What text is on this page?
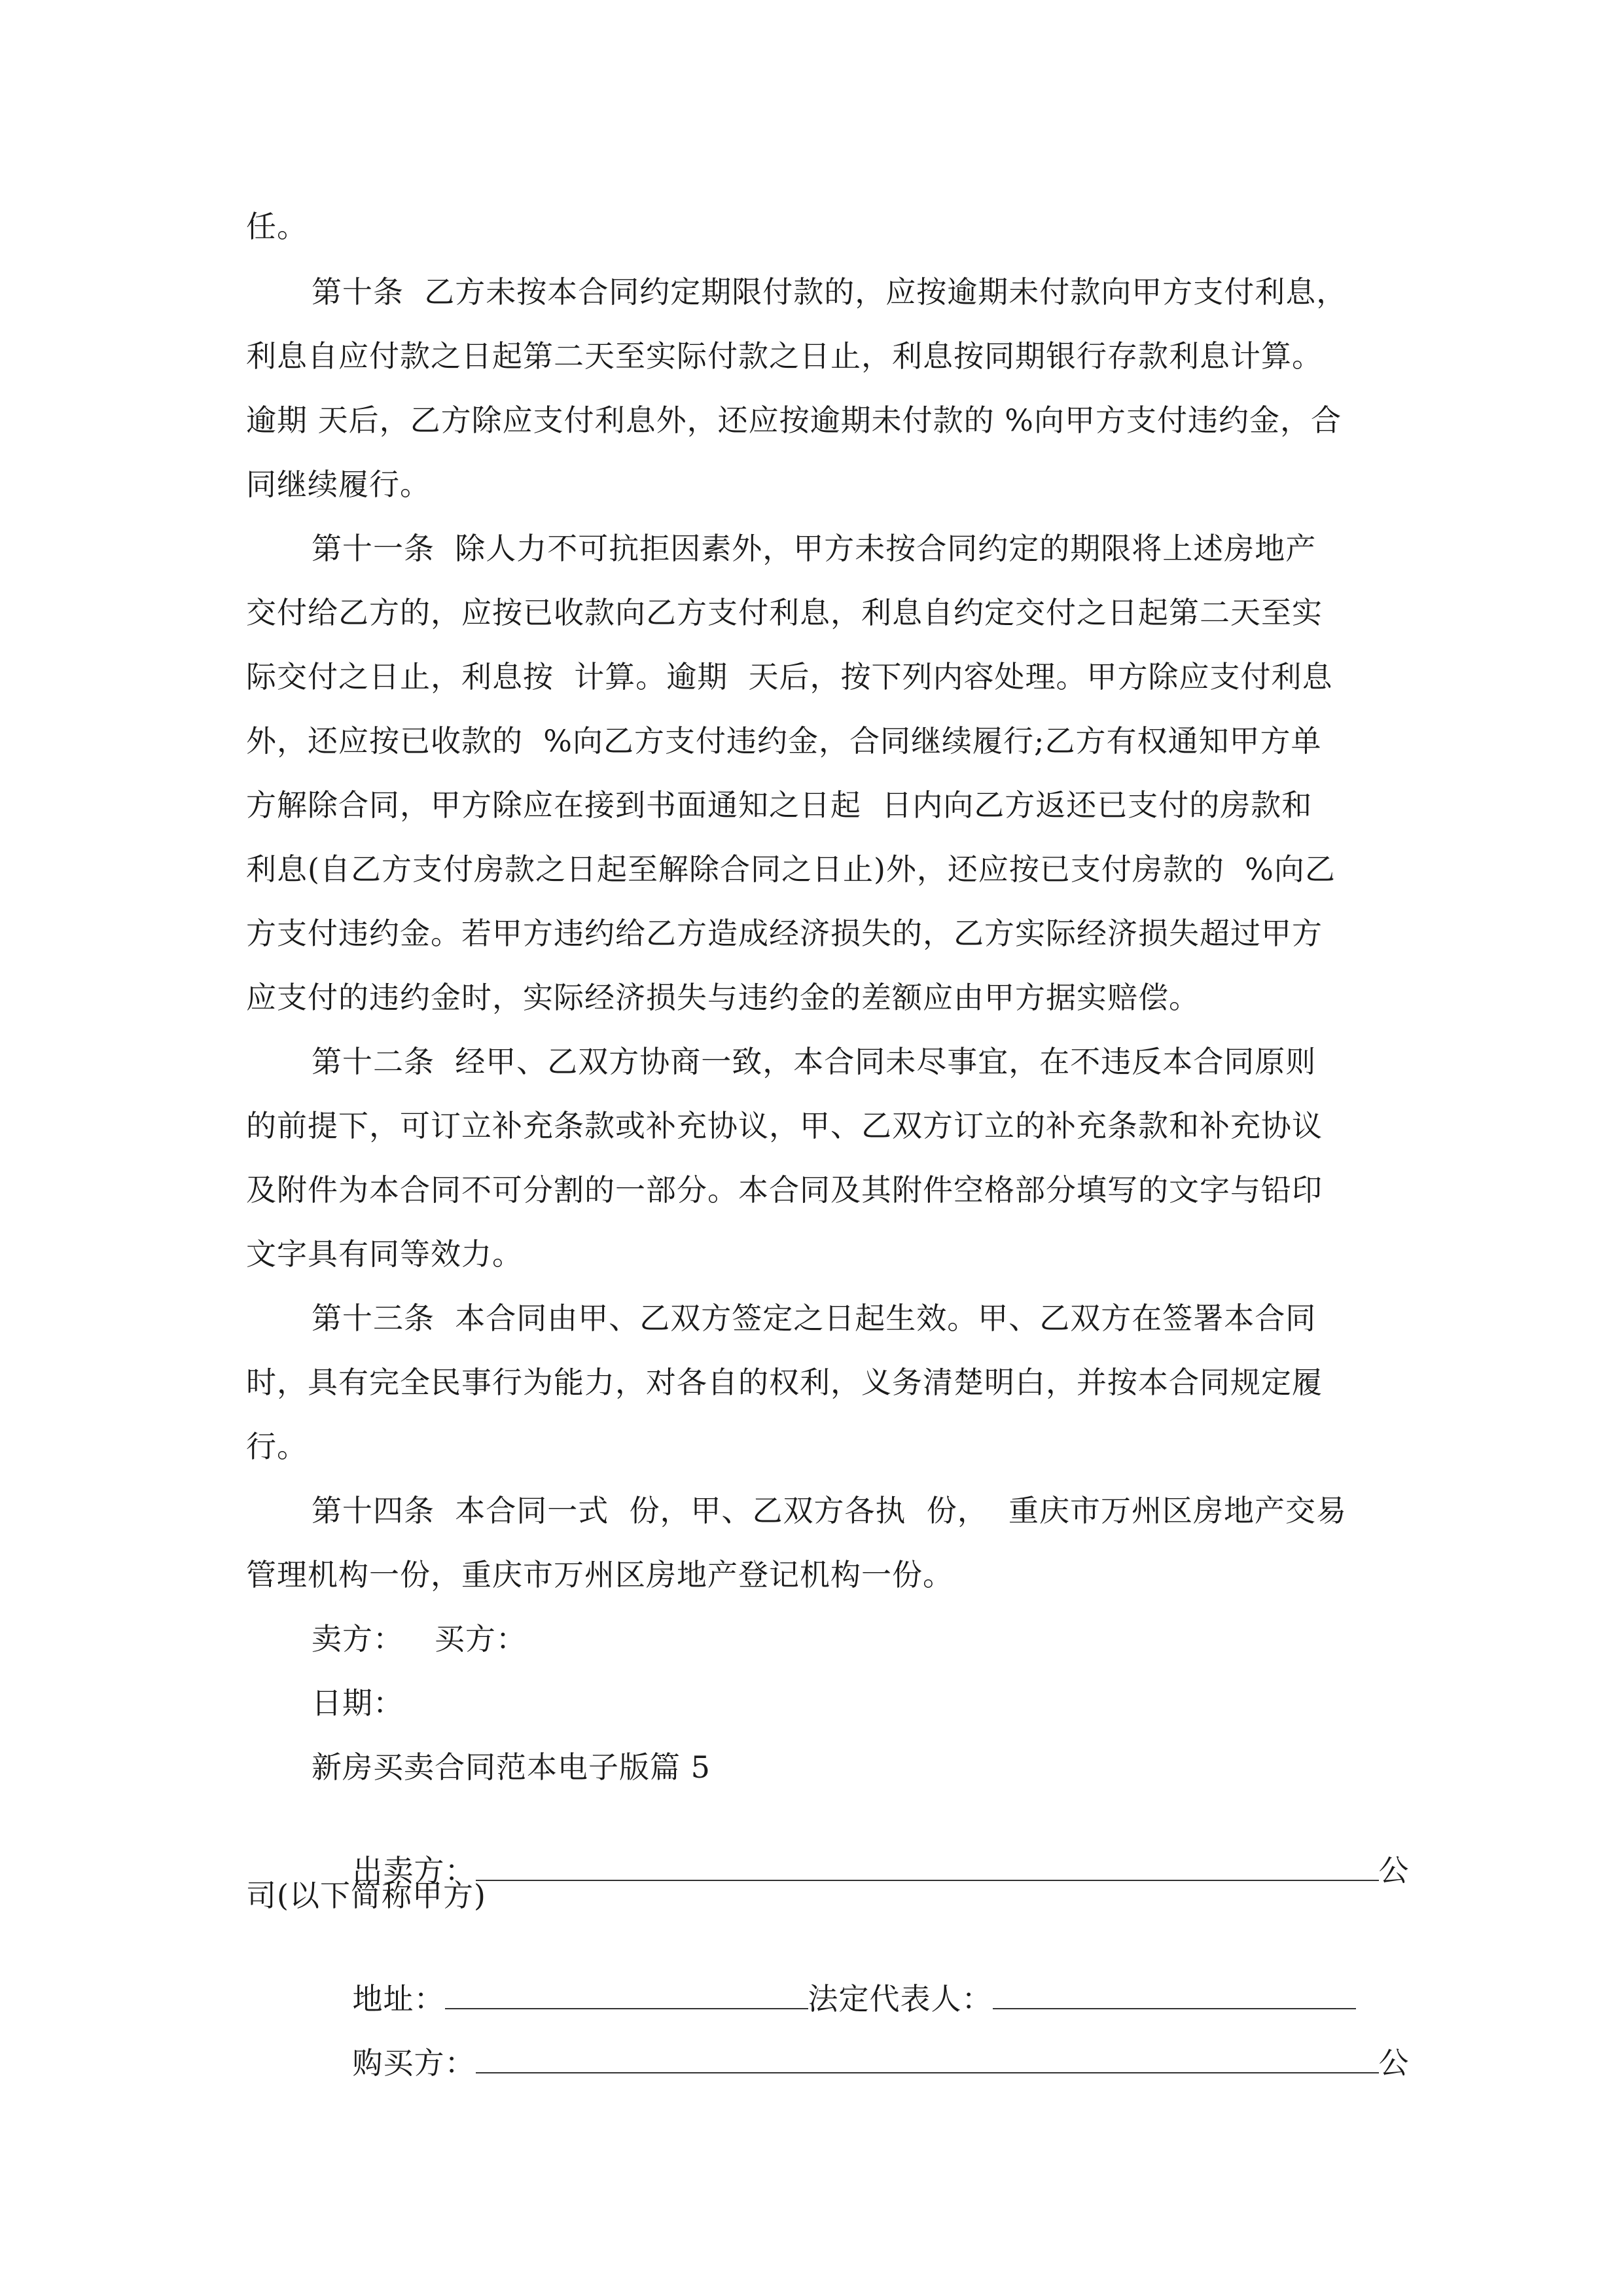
任。
第十条  乙方未按本合同约定期限付款的，应按逾期未付款向甲方支付利息，
利息自应付款之日起第二天至实际付款之日止，利息按同期银行存款利息计算。
逾期 天后，乙方除应支付利息外，还应按逾期未付款的 %向甲方支付违约金，合
同继续履行。
第十一条  除人力不可抗拒因素外，甲方未按合同约定的期限将上述房地产
交付给乙方的，应按已收款向乙方支付利息，利息自约定交付之日起第二天至实
际交付之日止，利息按  计算。逾期  天后，按下列内容处理。甲方除应支付利息
外，还应按已收款的  %向乙方支付违约金，合同继续履行;乙方有权通知甲方单
方解除合同，甲方除应在接到书面通知之日起  日内向乙方返还已支付的房款和
利息(自乙方支付房款之日起至解除合同之日止)外，还应按已支付房款的  %向乙
方支付违约金。若甲方违约给乙方造成经济损失的，乙方实际经济损失超过甲方
应支付的违约金时，实际经济损失与违约金的差额应由甲方据实赔偿。
第十二条  经甲、乙双方协商一致，本合同未尽事宜，在不违反本合同原则
的前提下，可订立补充条款或补充协议，甲、乙双方订立的补充条款和补充协议
及附件为本合同不可分割的一部分。本合同及其附件空格部分填写的文字与铅印
文字具有同等效力。
第十三条  本合同由甲、乙双方签定之日起生效。甲、乙双方在签署本合同
时，具有完全民事行为能力，对各自的权利，义务清楚明白，并按本合同规定履
行。
第十四条  本合同一式  份，甲、乙双方各执  份，  重庆市万州区房地产交易
管理机构一份，重庆市万州区房地产登记机构一份。
卖方：   买方：
日期：
新房买卖合同范本电子版篇 5

出卖方：	公

司(以下简称甲方)

地址：	法定代表人：

购买方：	公
